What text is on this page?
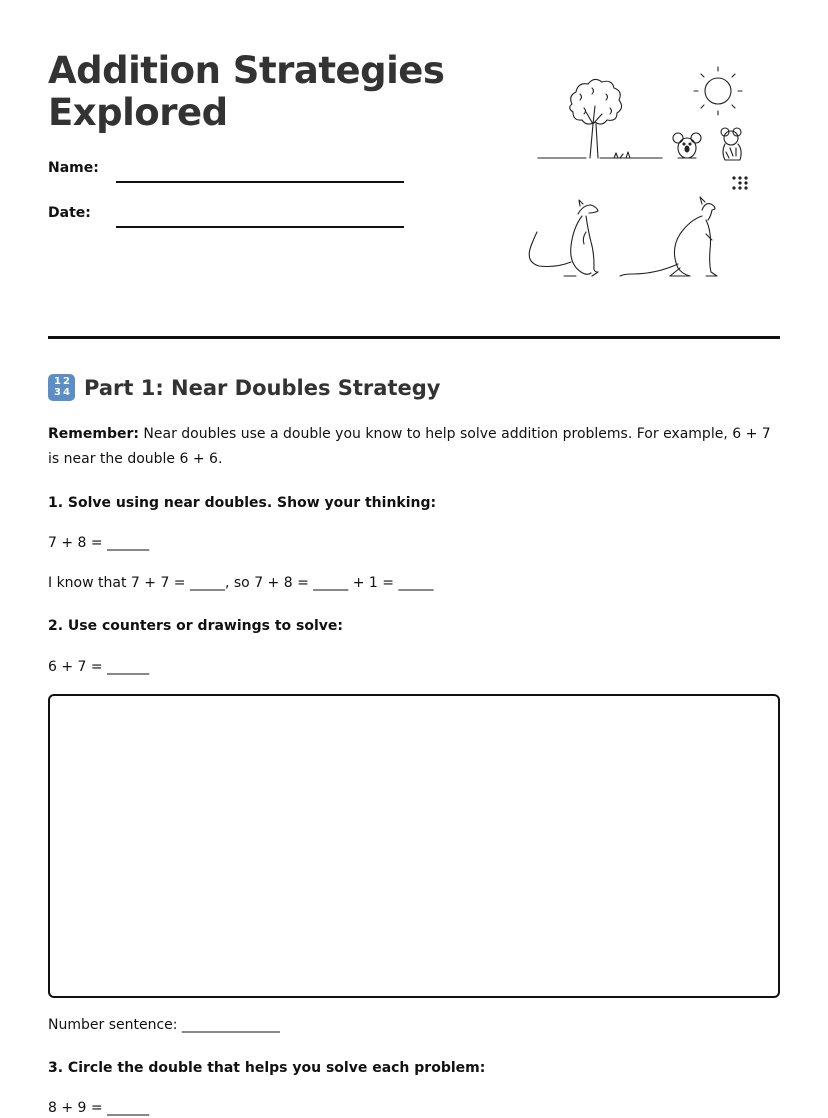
Addition Strategies Explored
Name:
Date:
1 2
3 4 Part 1: Near Doubles Strategy
Remember: Near doubles use a double you know to help solve addition problems. For example, 6 + 7 is near the double 6 + 6.
1. Solve using near doubles. Show your thinking:
7 + 8 = ______
I know that 7 + 7 = _____, so 7 + 8 = _____ + 1 = _____
2. Use counters or drawings to solve:
6 + 7 = ______
Number sentence: ______________
3. Circle the double that helps you solve each problem:
8 + 9 = ______
